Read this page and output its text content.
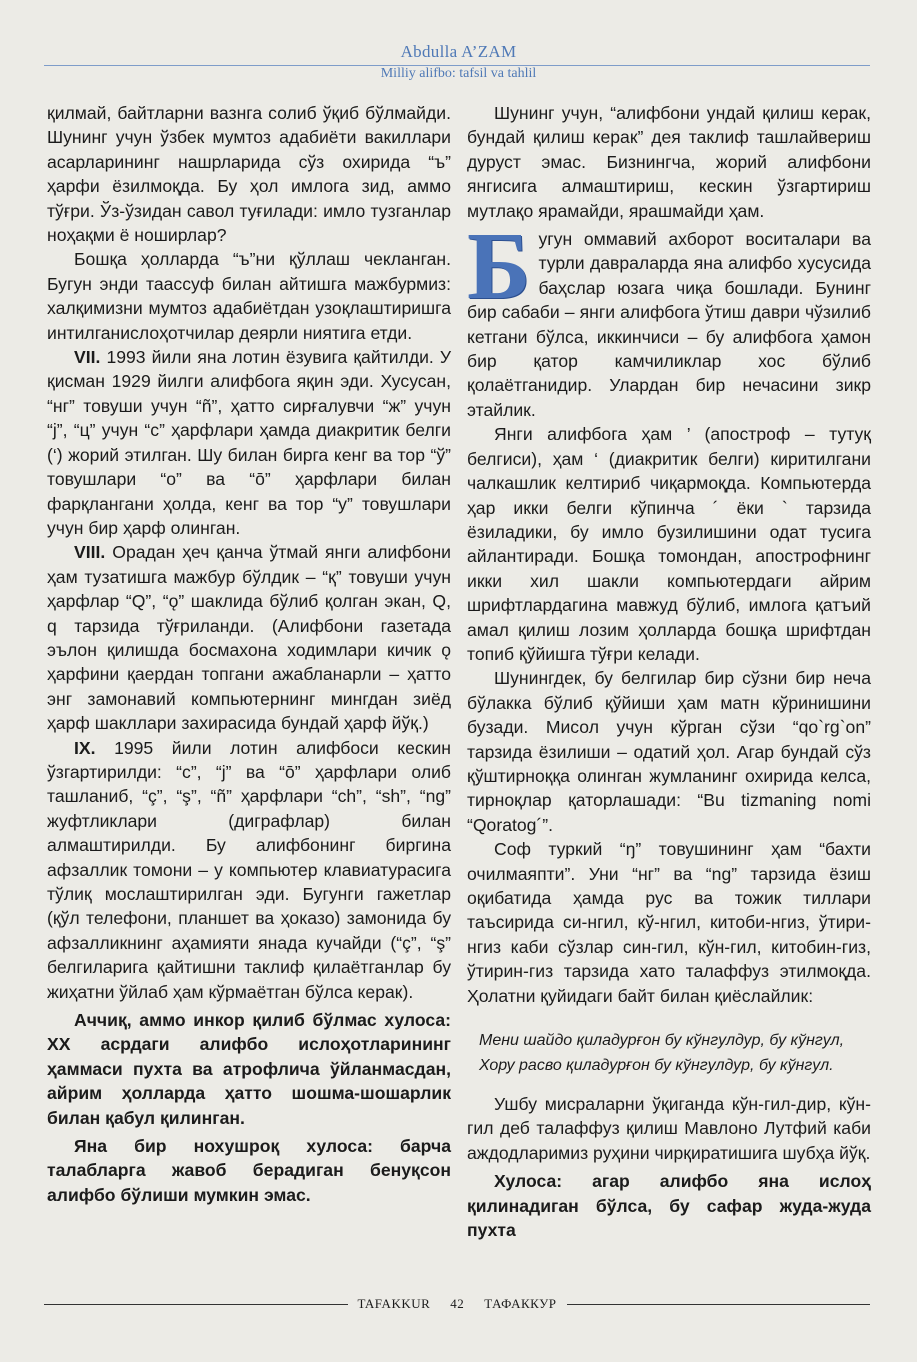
Abdulla A’ZAM
Milliy alifbo: tafsil va tahlil

қилмай, байтларни вазнга солиб ўқиб бўлмайди. Шунинг учун ўзбек мумтоз адабиёти вакиллари асарларининг нашрларида сўз охирида “ъ” ҳарфи ёзилмоқда. Бу ҳол имлога зид, аммо тўғри. Ўз-ўзидан савол туғилади: имло тузганлар ноҳақми ё ноширлар?

Бошқа ҳолларда “ъ”ни қўллаш чекланган. Бугун энди таассуф билан айтишга мажбурмиз: халқимизни мумтоз адабиётдан узоқлаштиришга интилганислоҳотчилар деярли ниятига етди.

VII. 1993 йили яна лотин ёзувига қайтилди. У қисман 1929 йилги алифбога яқин эди. Хусусан, “нг” товуши учун “ñ”, ҳатто сирғалувчи “ж” учун “j”, “ц” учун “c” ҳарфлари ҳамда диакритик белги (‘) жорий этилган. Шу билан бирга кенг ва тор “ў” товушлари “o” ва “ō” ҳарфлари билан фарқлангани ҳолда, кенг ва тор “у” товушлари учун бир ҳарф олинган.

VIII. Орадан ҳеч қанча ўтмай янги алифбони ҳам тузатишга мажбур бўлдик – “қ” товуши учун ҳарфлар “Q”, “ǫ” шаклида бўлиб қолган экан, Q, q тарзида тўғриланди. (Алифбони газетада эълон қилишда босмахона ходимлари кичик ǫ ҳарфини қаердан топгани ажабланарли – ҳатто энг замонавий компьютернинг мингдан зиёд ҳарф шакллари захирасида бундай ҳарф йўқ.)

IX. 1995 йили лотин алифбоси кескин ўзгартирилди: “c”, “j” ва “ō” ҳарфлари олиб ташланиб, “ç”, “ş”, “ñ” ҳарфлари “ch”, “sh”, “ng” жуфтликлари (диграфлар) билан алмаштирилди. Бу алифбонинг биргина афзаллик томони – у компьютер клавиатурасига тўлиқ мослаштирилган эди. Бугунги гажетлар (қўл телефони, планшет ва ҳоказо) замонида бу афзалликнинг аҳамияти янада кучайди (“ç”, “ş” белгиларига қайтишни таклиф қилаётганлар бу жиҳатни ўйлаб ҳам кўрмаётган бўлса керак).

Аччиқ, аммо инкор қилиб бўлмас хулоса: ХХ асрдаги алифбо ислоҳотларининг ҳаммаси пухта ва атрофлича ўйланмасдан, айрим ҳолларда ҳатто шошма-шошарлик билан қабул қилинган.

Яна бир нохушроқ хулоса: барча талабларга жавоб берадиган бенуқсон алифбо бўлиши мумкин эмас.

Шунинг учун, “алифбони ундай қилиш керак, бундай қилиш керак” дея таклиф ташлайвериш дуруст эмас. Бизнингча, жорий алифбони янгисига алмаштириш, кескин ўзгартириш мутлақо ярамайди, ярашмайди ҳам.

Бугун оммавий ахборот воситалари ва турли давраларда яна алифбо хусусида баҳслар юзага чиқа бошлади. Бунинг бир сабаби – янги алифбога ўтиш даври чўзилиб кетгани бўлса, иккинчиси – бу алифбога ҳамон бир қатор камчиликлар хос бўлиб қолаётганидир. Улардан бир нечасини зикр этайлик.

Янги алифбога ҳам ’ (апостроф – тутуқ белгиси), ҳам ‘ (диакритик белги) киритилгани чалкашлик келтириб чиқармоқда. Компьютерда ҳар икки белги кўпинча ´ ёки ` тарзида ёзиладики, бу имло бузилишини одат тусига айлантиради. Бошқа томондан, апострофнинг икки хил шакли компьютердаги айрим шрифтлардагина мавжуд бўлиб, имлога қатъий амал қилиш лозим ҳолларда бошқа шрифтдан топиб қўйишга тўғри келади.

Шунингдек, бу белгилар бир сўзни бир неча бўлакка бўлиб қўйиши ҳам матн кўринишини бузади. Мисол учун кўрган сўзи “qo`rg`on” тарзида ёзилиши – одатий ҳол. Агар бундай сўз қўштирноққа олинган жумланинг охирида келса, тирноқлар қаторлашади: “Bu tizmaning nomi “Qoratog´”.

Соф туркий “ŋ” товушининг ҳам “бахти очилмаяпти”. Уни “нг” ва “ng” тарзида ёзиш оқибатида ҳамда рус ва тожик тиллари таъсирида си-нгил, кў-нгил, китоби-нгиз, ўтири-нгиз каби сўзлар син-гил, кўн-гил, китобин-гиз, ўтирин-гиз тарзида хато талаффуз этилмоқда. Ҳолатни қуйидаги байт билан қиёслайлик:

Мени шайдо қиладурғон бу кўнгулдур, бу кўнгул,
Хору расво қиладурғон бу кўнгулдур, бу кўнгул.

Ушбу мисраларни ўқиганда кўн-гил-дир, кўн-гил деб талаффуз қилиш Мавлоно Лутфий каби аждодларимиз руҳини чирқиратишига шубҳа йўқ.

Хулоса: агар алифбо яна ислоҳ қилинадиган бўлса, бу сафар жуда-жуда пухта

TAFAKKUR 42 ТАФАККУР
